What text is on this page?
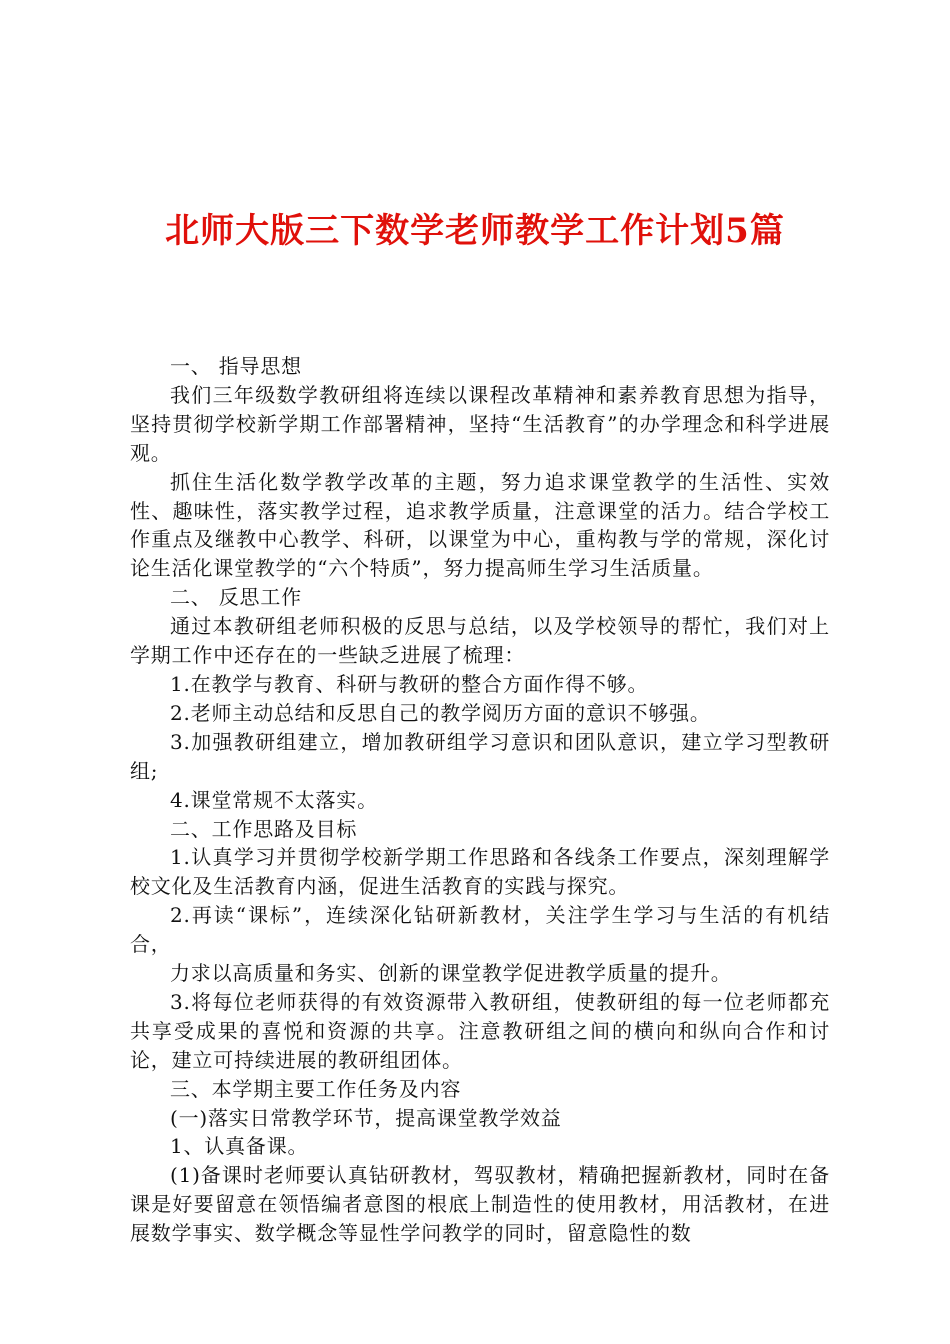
北师大版三下数学老师教学工作计划5篇

一、 指导思想

我们三年级数学教研组将连续以课程改革精神和素养教育思想为指导，坚持贯彻学校新学期工作部署精神，坚持“生活教育”的办学理念和科学进展观。

抓住生活化数学教学改革的主题，努力追求课堂教学的生活性、实效性、趣味性，落实教学过程，追求教学质量，注意课堂的活力。结合学校工作重点及继教中心教学、科研，以课堂为中心，重构教与学的常规，深化讨论生活化课堂教学的“六个特质”，努力提高师生学习生活质量。

二、 反思工作

通过本教研组老师积极的反思与总结，以及学校领导的帮忙，我们对上学期工作中还存在的一些缺乏进展了梳理：

1.在教学与教育、科研与教研的整合方面作得不够。

2.老师主动总结和反思自己的教学阅历方面的意识不够强。

3.加强教研组建立，增加教研组学习意识和团队意识，建立学习型教研组;

4.课堂常规不太落实。

二、工作思路及目标

1.认真学习并贯彻学校新学期工作思路和各线条工作要点，深刻理解学校文化及生活教育内涵，促进生活教育的实践与探究。

2.再读“课标”，连续深化钻研新教材，关注学生学习与生活的有机结合，

力求以高质量和务实、创新的课堂教学促进教学质量的提升。

3.将每位老师获得的有效资源带入教研组，使教研组的每一位老师都充共享受成果的喜悦和资源的共享。注意教研组之间的横向和纵向合作和讨论，建立可持续进展的教研组团体。

三、本学期主要工作任务及内容

(一)落实日常教学环节，提高课堂教学效益

1、认真备课。

(1)备课时老师要认真钻研教材，驾驭教材，精确把握新教材，同时在备课是好要留意在领悟编者意图的根底上制造性的使用教材，用活教材，在进展数学事实、数学概念等显性学问教学的同时，留意隐性的数
